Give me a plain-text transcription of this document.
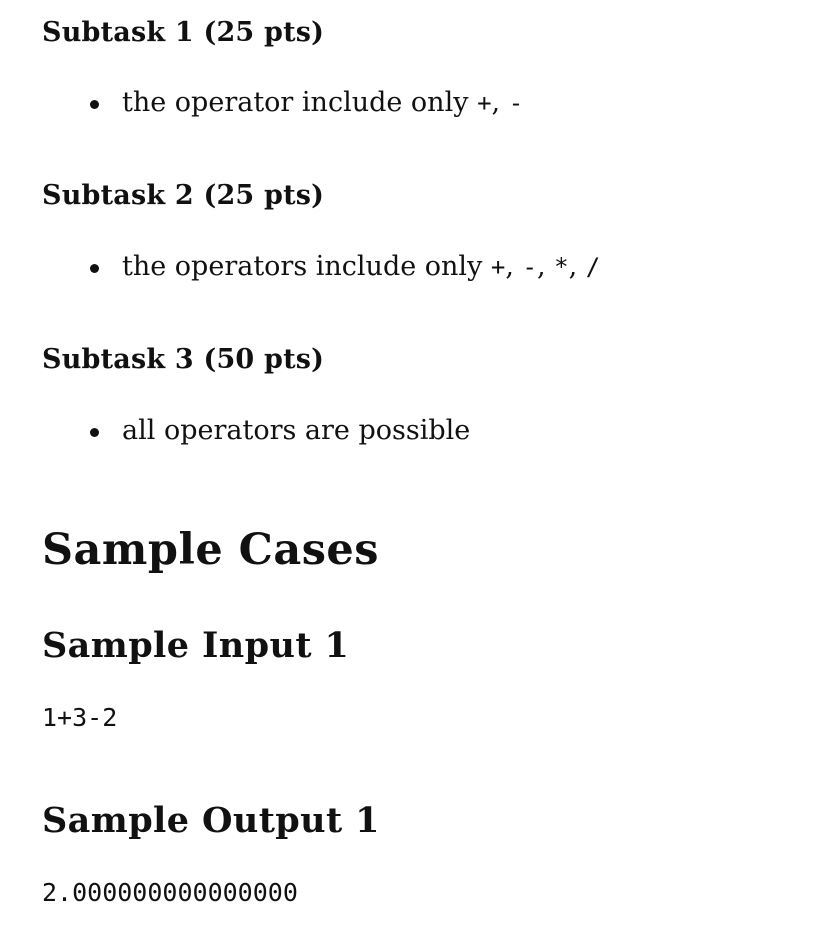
Subtask 1 (25 pts)
the operator include only +, -
Subtask 2 (25 pts)
the operators include only +, -, *, /
Subtask 3 (50 pts)
all operators are possible
Sample Cases
Sample Input 1
1+3-2
Sample Output 1
2.000000000000000
